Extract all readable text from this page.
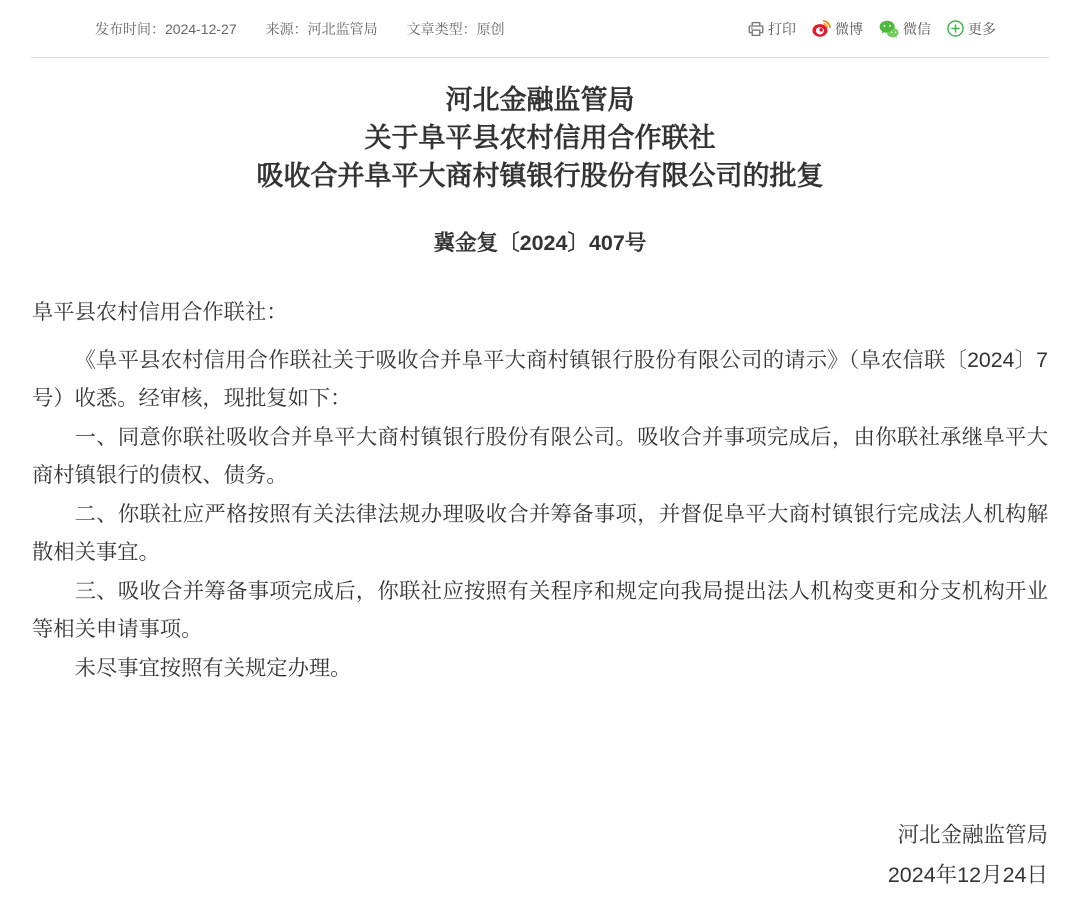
发布时间：2024-12-27 来源：河北监管局 文章类型：原创	打印	微博	微信	更多
河北金融监管局
关于阜平县农村信用合作联社
吸收合并阜平大商村镇银行股份有限公司的批复
冀金复〔2024〕407号

阜平县农村信用合作联社：

《阜平县农村信用合作联社关于吸收合并阜平大商村镇银行股份有限公司的请示》（阜农信联〔2024〕7号）收悉。经审核，现批复如下：

一、同意你联社吸收合并阜平大商村镇银行股份有限公司。吸收合并事项完成后，由你联社承继阜平大商村镇银行的债权、债务。

二、你联社应严格按照有关法律法规办理吸收合并筹备事项，并督促阜平大商村镇银行完成法人机构解散相关事宜。

三、吸收合并筹备事项完成后，你联社应按照有关程序和规定向我局提出法人机构变更和分支机构开业等相关申请事项。

未尽事宜按照有关规定办理。

河北金融监管局
2024年12月24日
